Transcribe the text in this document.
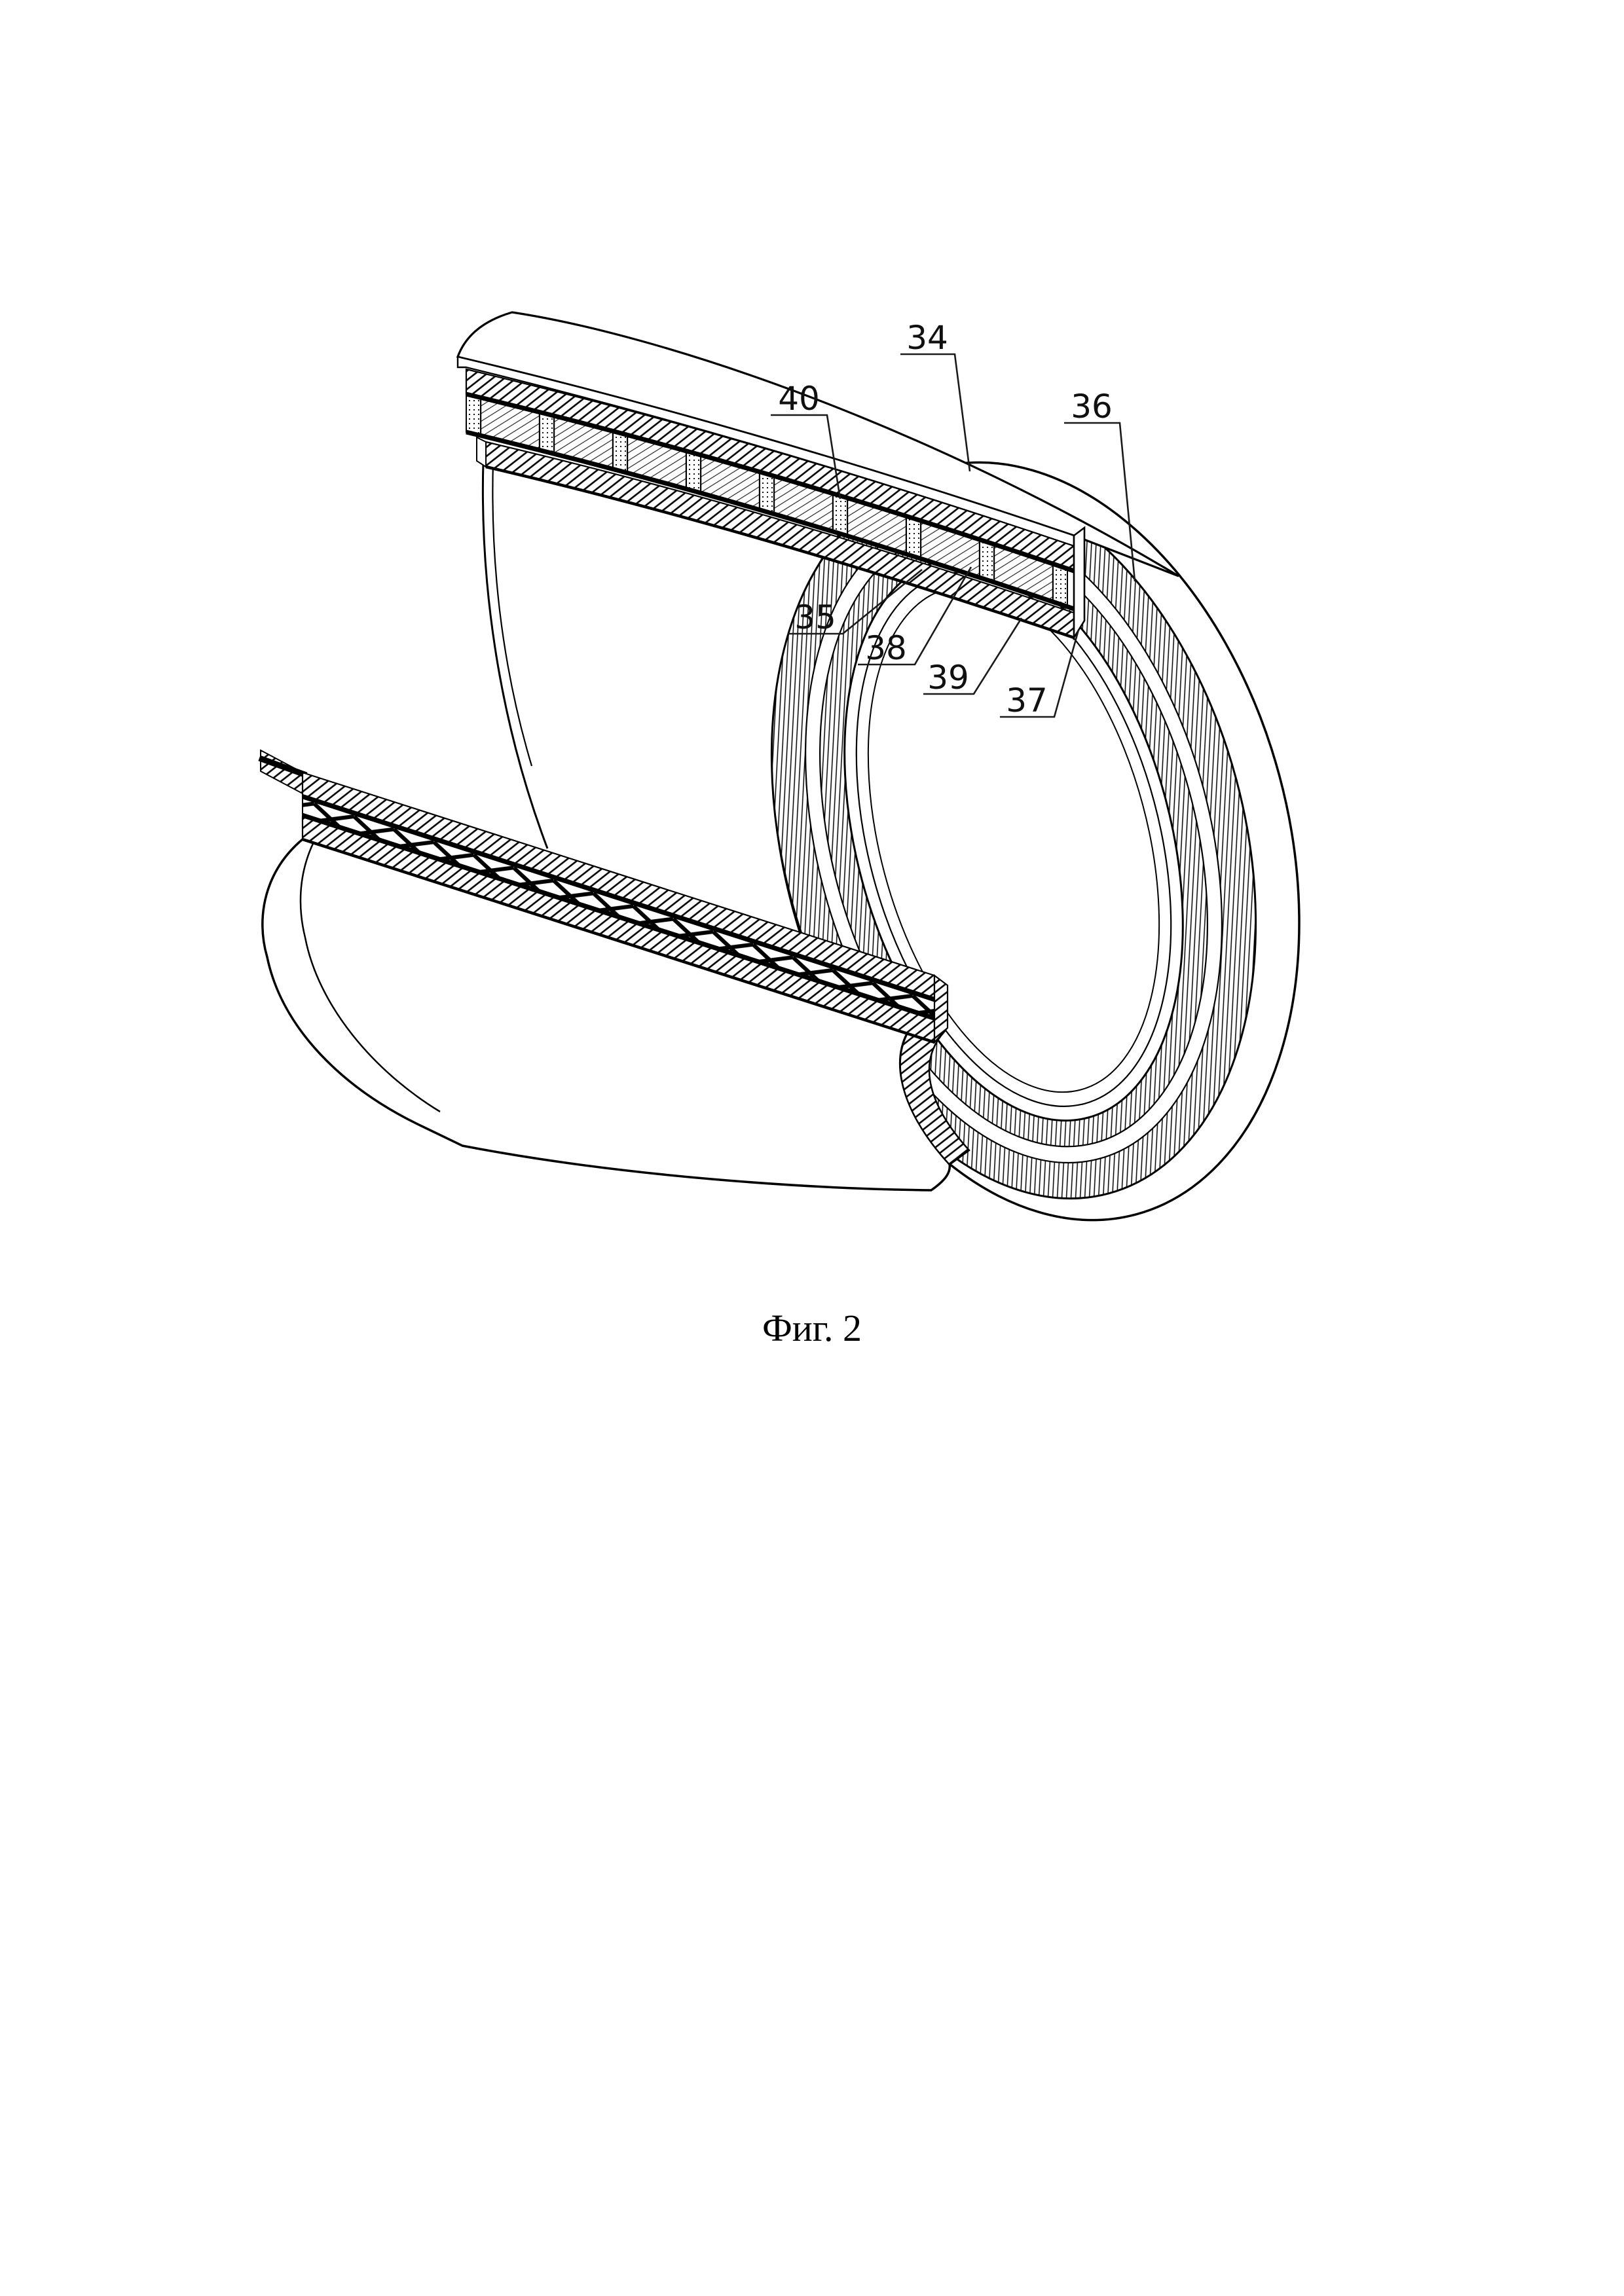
34
40	36
35
38
39
37
Фиг. 2
